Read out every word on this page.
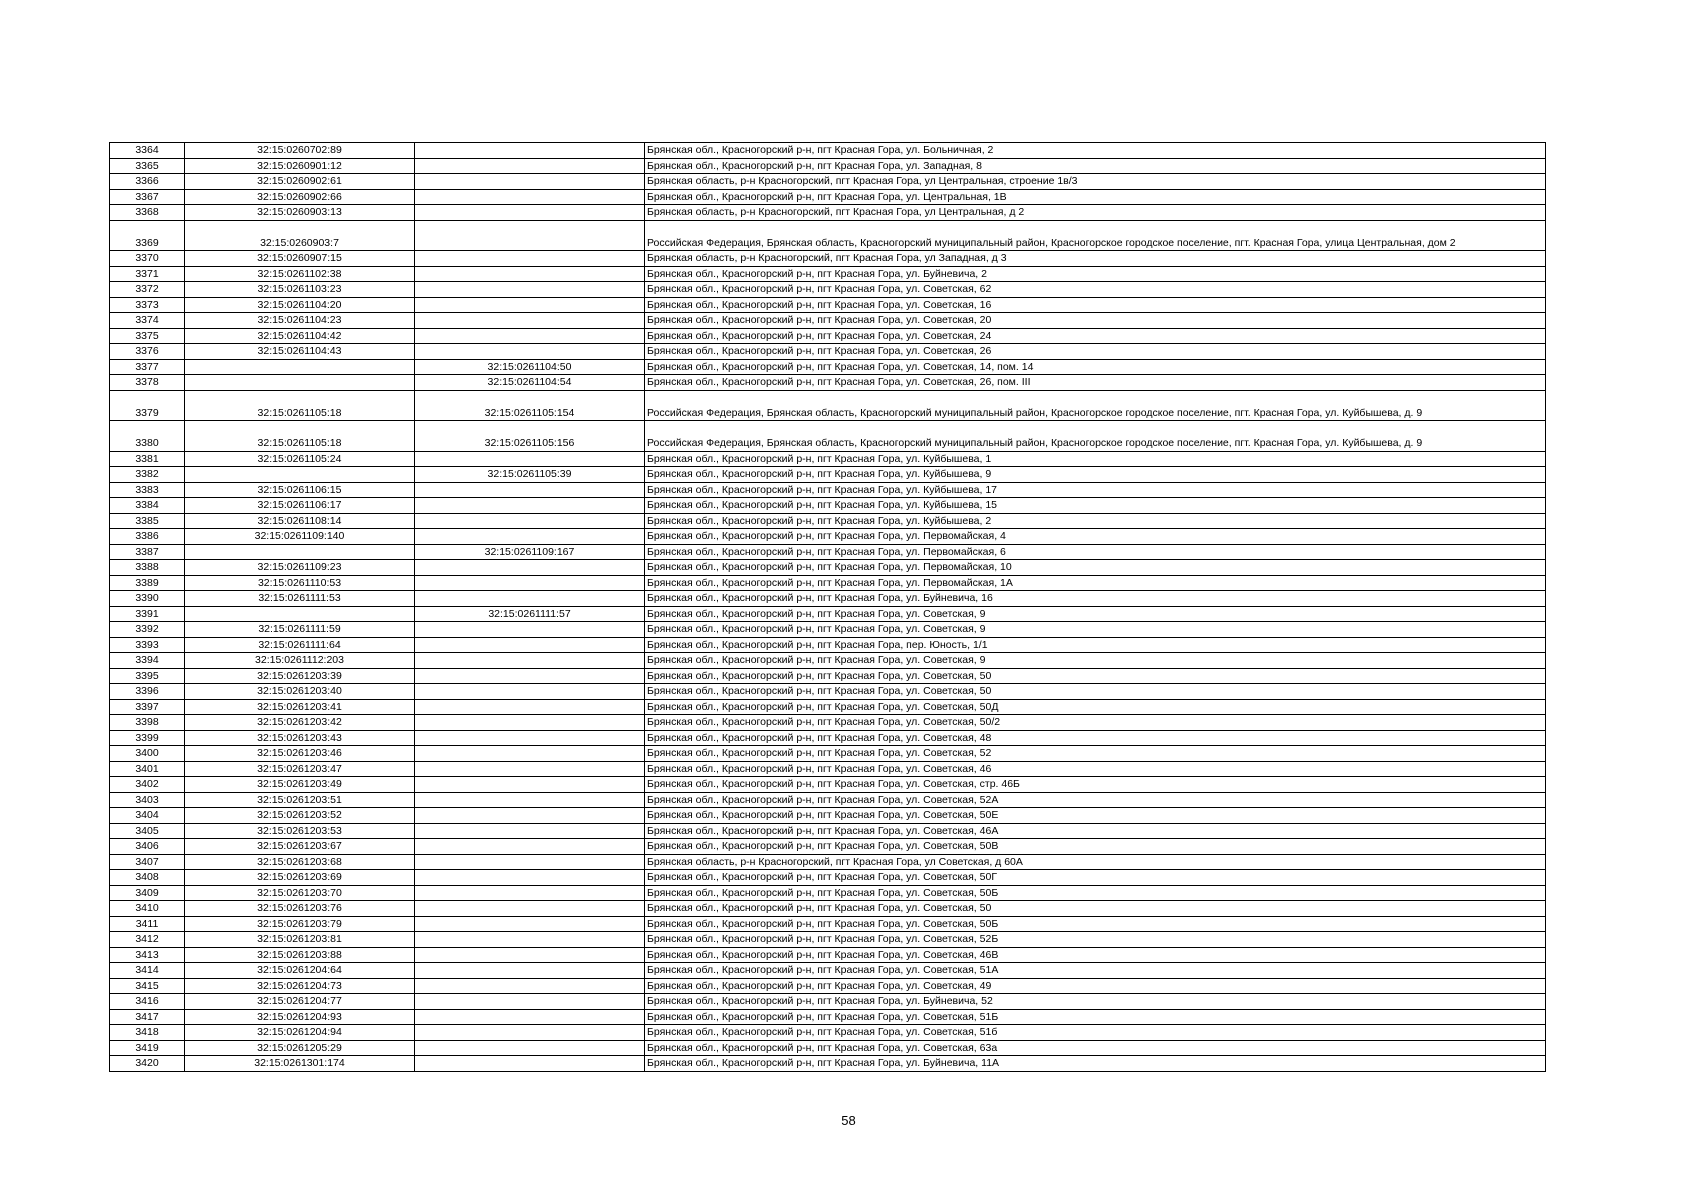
3364	32:15:0260702:89		Брянская обл., Красногорский р-н, пгт Красная Гора, ул. Больничная, 2
3365	32:15:0260901:12		Брянская обл., Красногорский р-н, пгт Красная Гора, ул. Западная, 8
3366	32:15:0260902:61		Брянская область, р-н Красногорский, пгт Красная Гора, ул Центральная, строение 1в/3
3367	32:15:0260902:66		Брянская обл., Красногорский р-н, пгт Красная Гора, ул. Центральная, 1В
3368	32:15:0260903:13		Брянская область, р-н Красногорский, пгт Красная Гора, ул Центральная, д 2
3369	32:15:0260903:7		Российская Федерация, Брянская область, Красногорский муниципальный район, Красногорское городское поселение, пгт. Красная Гора, улица Центральная, дом 2
3370	32:15:0260907:15		Брянская область, р-н Красногорский, пгт Красная Гора, ул Западная, д 3
3371	32:15:0261102:38		Брянская обл., Красногорский р-н, пгт Красная Гора, ул. Буйневича, 2
3372	32:15:0261103:23		Брянская обл., Красногорский р-н, пгт Красная Гора, ул. Советская, 62
3373	32:15:0261104:20		Брянская обл., Красногорский р-н, пгт Красная Гора, ул. Советская, 16
3374	32:15:0261104:23		Брянская обл., Красногорский р-н, пгт Красная Гора, ул. Советская, 20
3375	32:15:0261104:42		Брянская обл., Красногорский р-н, пгт Красная Гора, ул. Советская, 24
3376	32:15:0261104:43		Брянская обл., Красногорский р-н, пгт Красная Гора, ул. Советская, 26
3377		32:15:0261104:50	Брянская обл., Красногорский р-н, пгт Красная Гора, ул. Советская, 14, пом. 14
3378		32:15:0261104:54	Брянская обл., Красногорский р-н, пгт Красная Гора, ул. Советская, 26, пом. III
3379	32:15:0261105:18	32:15:0261105:154	Российская Федерация, Брянская область, Красногорский муниципальный район, Красногорское городское поселение, пгт. Красная Гора, ул. Куйбышева, д. 9
3380	32:15:0261105:18	32:15:0261105:156	Российская Федерация, Брянская область, Красногорский муниципальный район, Красногорское городское поселение, пгт. Красная Гора, ул. Куйбышева, д. 9
3381	32:15:0261105:24		Брянская обл., Красногорский р-н, пгт Красная Гора, ул. Куйбышева, 1
3382		32:15:0261105:39	Брянская обл., Красногорский р-н, пгт Красная Гора, ул. Куйбышева, 9
3383	32:15:0261106:15		Брянская обл., Красногорский р-н, пгт Красная Гора, ул. Куйбышева, 17
3384	32:15:0261106:17		Брянская обл., Красногорский р-н, пгт Красная Гора, ул. Куйбышева, 15
3385	32:15:0261108:14		Брянская обл., Красногорский р-н, пгт Красная Гора, ул. Куйбышева, 2
3386	32:15:0261109:140		Брянская обл., Красногорский р-н, пгт Красная Гора, ул. Первомайская, 4
3387		32:15:0261109:167	Брянская обл., Красногорский р-н, пгт Красная Гора, ул. Первомайская, 6
3388	32:15:0261109:23		Брянская обл., Красногорский р-н, пгт Красная Гора, ул. Первомайская, 10
3389	32:15:0261110:53		Брянская обл., Красногорский р-н, пгт Красная Гора, ул. Первомайская, 1А
3390	32:15:0261111:53		Брянская обл., Красногорский р-н, пгт Красная Гора, ул. Буйневича, 16
3391		32:15:0261111:57	Брянская обл., Красногорский р-н, пгт Красная Гора, ул. Советская, 9
3392	32:15:0261111:59		Брянская обл., Красногорский р-н, пгт Красная Гора, ул. Советская, 9
3393	32:15:0261111:64		Брянская обл., Красногорский р-н, пгт Красная Гора, пер. Юность, 1/1
3394	32:15:0261112:203		Брянская обл., Красногорский р-н, пгт Красная Гора, ул. Советская, 9
3395	32:15:0261203:39		Брянская обл., Красногорский р-н, пгт Красная Гора, ул. Советская, 50
3396	32:15:0261203:40		Брянская обл., Красногорский р-н, пгт Красная Гора, ул. Советская, 50
3397	32:15:0261203:41		Брянская обл., Красногорский р-н, пгт Красная Гора, ул. Советская, 50Д
3398	32:15:0261203:42		Брянская обл., Красногорский р-н, пгт Красная Гора, ул. Советская, 50/2
3399	32:15:0261203:43		Брянская обл., Красногорский р-н, пгт Красная Гора, ул. Советская, 48
3400	32:15:0261203:46		Брянская обл., Красногорский р-н, пгт Красная Гора, ул. Советская, 52
3401	32:15:0261203:47		Брянская обл., Красногорский р-н, пгт Красная Гора, ул. Советская, 46
3402	32:15:0261203:49		Брянская обл., Красногорский р-н, пгт Красная Гора, ул. Советская, стр. 46Б
3403	32:15:0261203:51		Брянская обл., Красногорский р-н, пгт Красная Гора, ул. Советская, 52А
3404	32:15:0261203:52		Брянская обл., Красногорский р-н, пгт Красная Гора, ул. Советская, 50Е
3405	32:15:0261203:53		Брянская обл., Красногорский р-н, пгт Красная Гора, ул. Советская, 46А
3406	32:15:0261203:67		Брянская обл., Красногорский р-н, пгт Красная Гора, ул. Советская, 50В
3407	32:15:0261203:68		Брянская область, р-н Красногорский, пгт Красная Гора, ул Советская, д 60А
3408	32:15:0261203:69		Брянская обл., Красногорский р-н, пгт Красная Гора, ул. Советская, 50Г
3409	32:15:0261203:70		Брянская обл., Красногорский р-н, пгт Красная Гора, ул. Советская, 50Б
3410	32:15:0261203:76		Брянская обл., Красногорский р-н, пгт Красная Гора, ул. Советская, 50
3411	32:15:0261203:79		Брянская обл., Красногорский р-н, пгт Красная Гора, ул. Советская, 50Б
3412	32:15:0261203:81		Брянская обл., Красногорский р-н, пгт Красная Гора, ул. Советская, 52Б
3413	32:15:0261203:88		Брянская обл., Красногорский р-н, пгт Красная Гора, ул. Советская, 46В
3414	32:15:0261204:64		Брянская обл., Красногорский р-н, пгт Красная Гора, ул. Советская, 51А
3415	32:15:0261204:73		Брянская обл., Красногорский р-н, пгт Красная Гора, ул. Советская, 49
3416	32:15:0261204:77		Брянская обл., Красногорский р-н, пгт Красная Гора, ул. Буйневича, 52
3417	32:15:0261204:93		Брянская обл., Красногорский р-н, пгт Красная Гора, ул. Советская, 51Б
3418	32:15:0261204:94		Брянская обл., Красногорский р-н, пгт Красная Гора, ул. Советская, 51б
3419	32:15:0261205:29		Брянская обл., Красногорский р-н, пгт Красная Гора, ул. Советская, 63а
3420	32:15:0261301:174		Брянская обл., Красногорский р-н, пгт Красная Гора, ул. Буйневича, 11А
58
